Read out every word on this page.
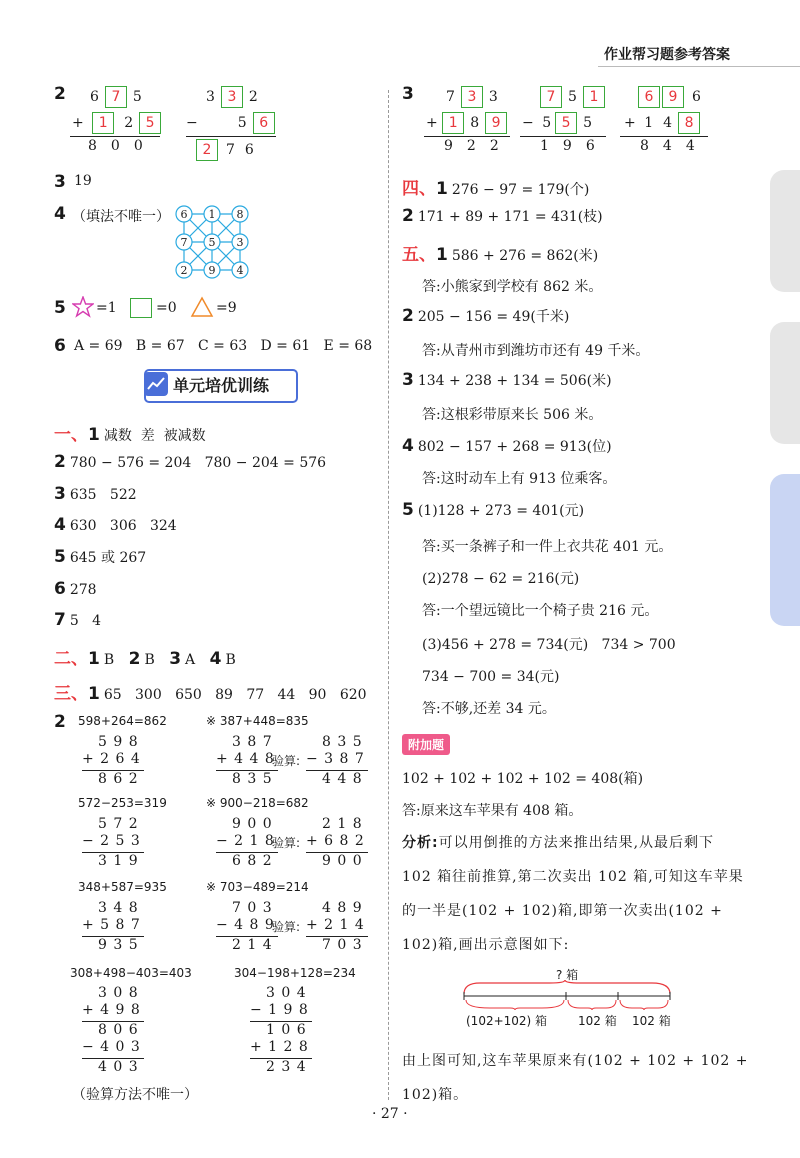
作业帮习题参考答案
2 6 7 5
+ 1 2 5
800
3 3 2
−	5 6
2 7 6
3 19
4 （填法不唯一） 6 1 8
7 5 3
2 9 4
5 =1	=0	=9
6 A = 69   B = 67   C = 63   D = 61   E = 68
单元培优训练
一、1 减数  差  被减数
2 780 − 576 = 204   780 − 204 = 576
3 635   522
4 630   306   324
5 645 或 267
6 278
7 5   4
二、1 B 2 B 3 A 4 B
三、1 65   300   650   89   77   44   90   620
2 598+264=862
5 9 8
+ 2 6 4
8 6 2
※ 387+448=835
3 8 7
+ 4 4 8
8 3 5
验算:
8 3 5
− 3 8 7
4 4 8
572−253=319
5 7 2
− 2 5 3
3 1 9
※ 900−218=682
9 0 0
− 2 1 8
6 8 2
验算:
2 1 8
+ 6 8 2
9 0 0
348+587=935
3 4 8
+ 5 8 7
9 3 5
※ 703−489=214
7 0 3
− 4 8 9
2 1 4
验算:
4 8 9
+ 2 1 4
7 0 3
308+498−403=403
3 0 8
+ 4 9 8
8 0 6
− 4 0 3
4 0 3
304−198+128=234
3 0 4
− 1 9 8
1 0 6
+ 1 2 8
2 3 4
（验算方法不唯一）
3 7 3 3
+ 1 8 9
922
7 5 1
− 5 5 5
196
6 9 6
+ 1 4 8
844
四、1 276 − 97 = 179(个)
2 171 + 89 + 171 = 431(枝)
五、1 586 + 276 = 862(米)
答:小熊家到学校有 862 米。
2 205 − 156 = 49(千米)
答:从青州市到潍坊市还有 49 千米。
3 134 + 238 + 134 = 506(米)
答:这根彩带原来长 506 米。
4 802 − 157 + 268 = 913(位)
答:这时动车上有 913 位乘客。
5 (1)128 + 273 = 401(元)
答:买一条裤子和一件上衣共花 401 元。
(2)278 − 62 = 216(元)
答:一个望远镜比一个椅子贵 216 元。
(3)456 + 278 = 734(元)   734 > 700
734 − 700 = 34(元)
答:不够,还差 34 元。
附加题
102 + 102 + 102 + 102 = 408(箱)
答:原来这车苹果有 408 箱。
分析:可以用倒推的方法来推出结果,从最后剩下
102 箱往前推算,第二次卖出 102 箱,可知这车苹果
的一半是(102 + 102)箱,即第一次卖出(102 +
102)箱,画出示意图如下:
? 箱
(102+102) 箱	102 箱 102 箱
由上图可知,这车苹果原来有(102 + 102 + 102 +
102)箱。
· 27 ·
